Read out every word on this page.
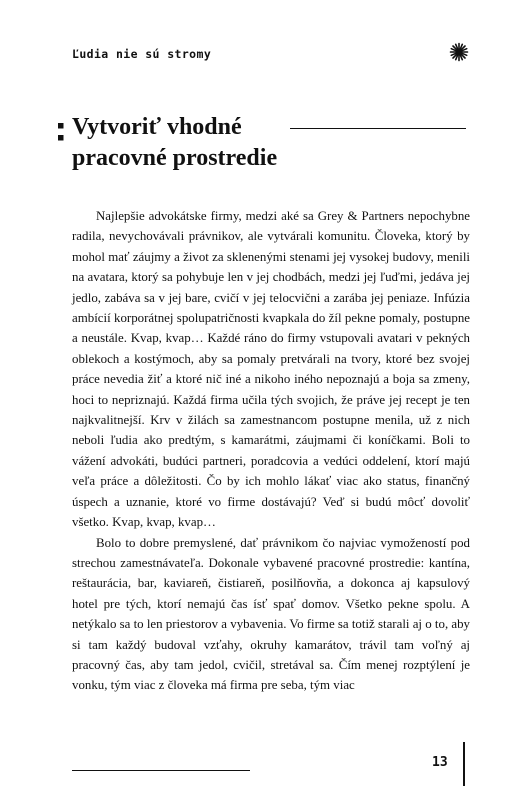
Ľudia nie sú stromy
Vytvoriť vhodné
pracovné prostredie

Najlepšie advokátske firmy, medzi aké sa Grey & Partners nepochybne radila, nevychovávali právnikov, ale vytvárali komunitu. Človeka, ktorý by mohol mať záujmy a život za sklenenými stenami jej vysokej budovy, menili na avatara, ktorý sa pohybuje len v jej chodbách, medzi jej ľuďmi, jedáva jej jedlo, zabáva sa v jej bare, cvičí v jej telocvični a zarába jej peniaze. Infúzia ambícií korporátnej spolupatričnosti kvapkala do žíl pekne pomaly, postupne a neustále. Kvap, kvap… Každé ráno do firmy vstupovali avatari v pekných oblekoch a kostýmoch, aby sa pomaly pretvárali na tvory, ktoré bez svojej práce nevedia žiť a ktoré nič iné a nikoho iného nepoznajú a boja sa zmeny, hoci to nepriznajú. Každá firma učila tých svojich, že práve jej recept je ten najkvalitnejší. Krv v žilách sa zamestnancom postupne menila, už z nich neboli ľudia ako predtým, s kamarátmi, záujmami či koníčkami. Boli to vážení advokáti, budúci partneri, poradcovia a vedúci oddelení, ktorí majú veľa práce a dôležitosti. Čo by ich mohlo lákať viac ako status, finančný úspech a uznanie, ktoré vo firme dostávajú? Veď si budú môcť dovoliť všetko. Kvap, kvap, kvap…

Bolo to dobre premyslené, dať právnikom čo najviac vymožeností pod strechou zamestnávateľa. Dokonale vybavené pracovné prostredie: kantína, reštaurácia, bar, kaviareň, čistiareň, posilňovňa, a dokonca aj kapsulový hotel pre tých, ktorí nemajú čas ísť spať domov. Všetko pekne spolu. A netýkalo sa to len priestorov a vybavenia. Vo firme sa totiž starali aj o to, aby si tam každý budoval vzťahy, okruhy kamarátov, trávil tam voľný aj pracovný čas, aby tam jedol, cvičil, stretával sa. Čím menej rozptýlení je vonku, tým viac z človeka má firma pre seba, tým viac

13
